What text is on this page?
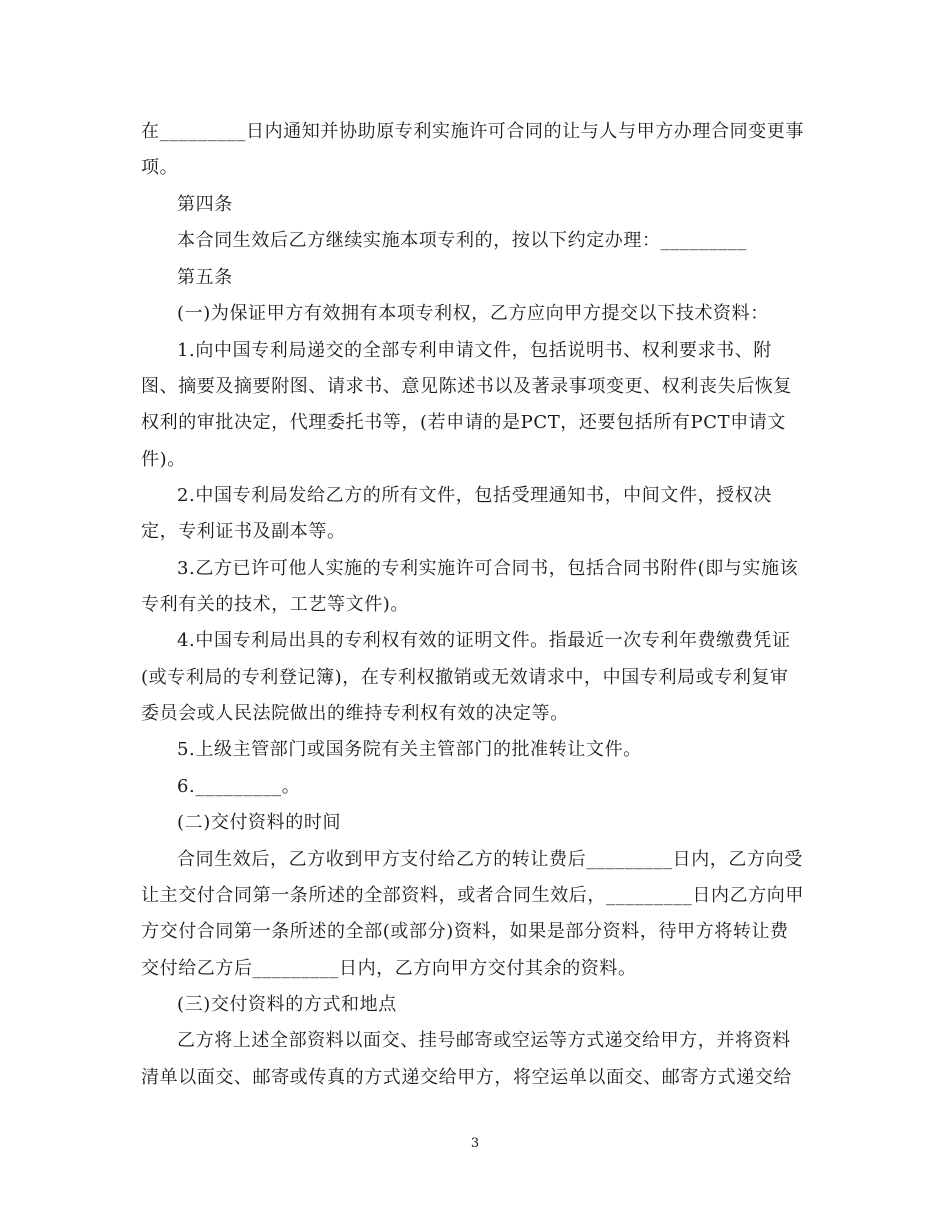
在_________日内通知并协助原专利实施许可合同的让与人与甲方办理合同变更事
项。
第四条
本合同生效后乙方继续实施本项专利的，按以下约定办理：_________
第五条
(一)为保证甲方有效拥有本项专利权，乙方应向甲方提交以下技术资料：
1.向中国专利局递交的全部专利申请文件，包括说明书、权利要求书、附
图、摘要及摘要附图、请求书、意见陈述书以及著录事项变更、权利丧失后恢复
权利的审批决定，代理委托书等，(若申请的是PCT，还要包括所有PCT申请文
件)。
2.中国专利局发给乙方的所有文件，包括受理通知书，中间文件，授权决
定，专利证书及副本等。
3.乙方已许可他人实施的专利实施许可合同书，包括合同书附件(即与实施该
专利有关的技术，工艺等文件)。
4.中国专利局出具的专利权有效的证明文件。指最近一次专利年费缴费凭证
(或专利局的专利登记簿)，在专利权撤销或无效请求中，中国专利局或专利复审
委员会或人民法院做出的维持专利权有效的决定等。
5.上级主管部门或国务院有关主管部门的批准转让文件。
6._________。
(二)交付资料的时间
合同生效后，乙方收到甲方支付给乙方的转让费后_________日内，乙方向受
让主交付合同第一条所述的全部资料，或者合同生效后，_________日内乙方向甲
方交付合同第一条所述的全部(或部分)资料，如果是部分资料，待甲方将转让费
交付给乙方后_________日内，乙方向甲方交付其余的资料。
(三)交付资料的方式和地点
乙方将上述全部资料以面交、挂号邮寄或空运等方式递交给甲方，并将资料
清单以面交、邮寄或传真的方式递交给甲方，将空运单以面交、邮寄方式递交给
3
